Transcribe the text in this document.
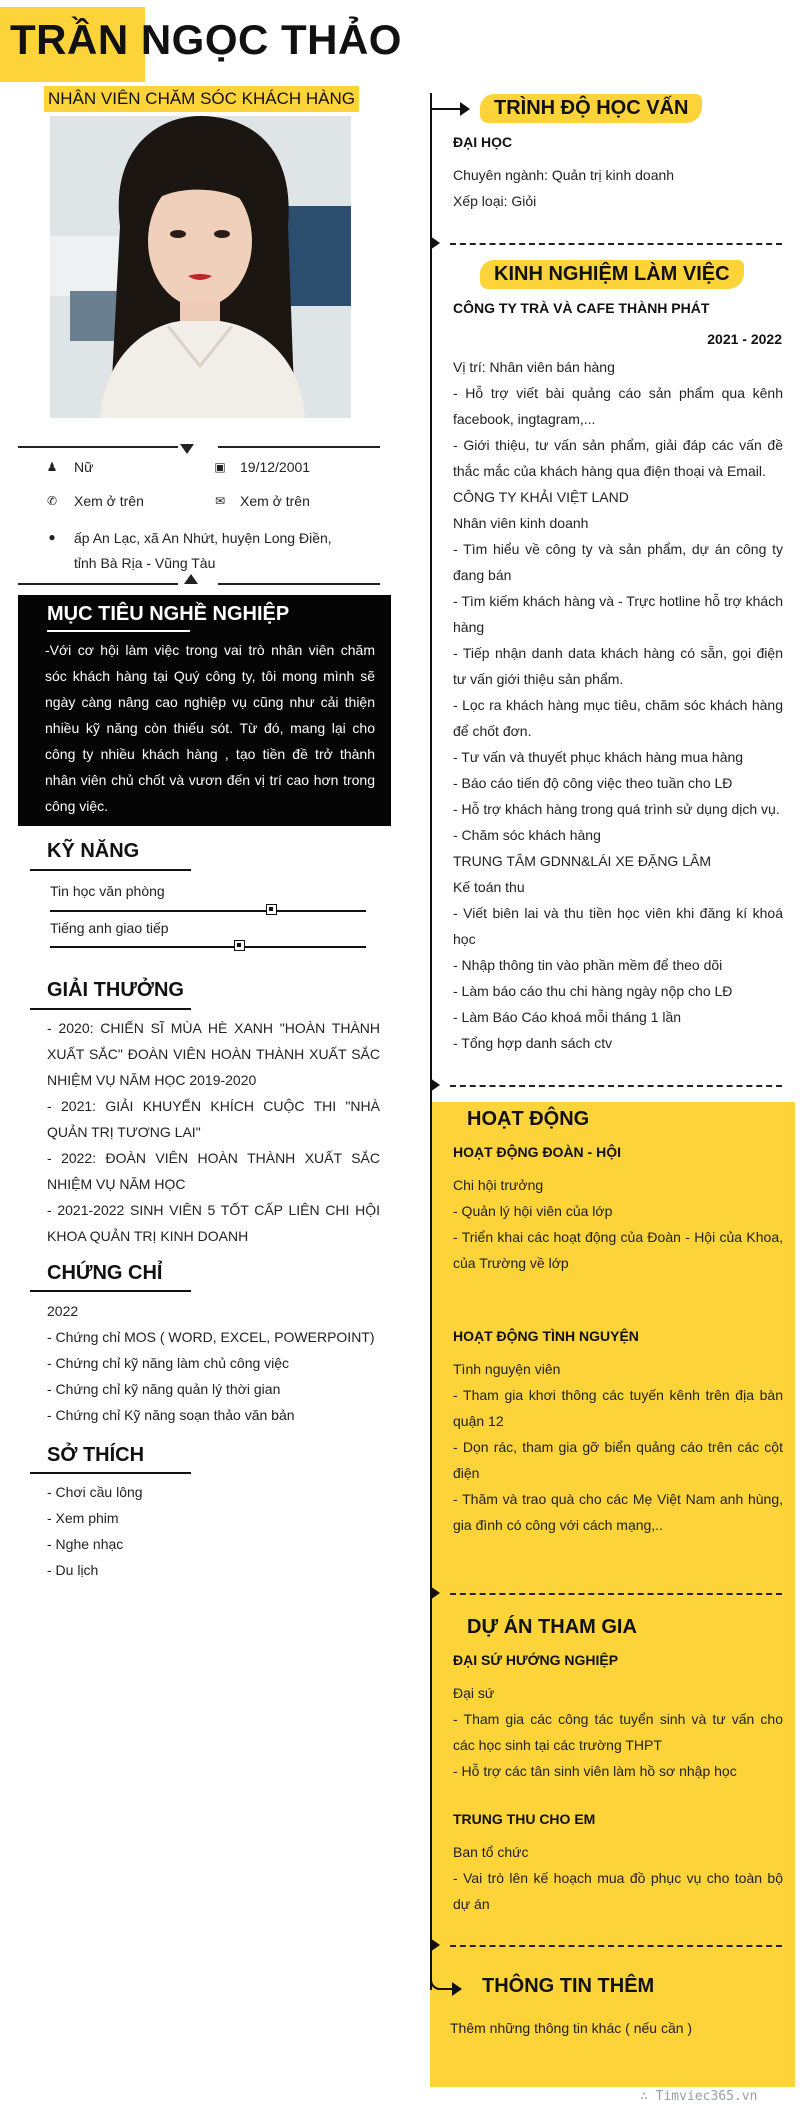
TRẦN NGỌC THẢO
NHÂN VIÊN CHĂM SÓC KHÁCH HÀNG
♟ Nữ	▣ 19/12/2001
✆ Xem ở trên	✉ Xem ở trên
● ấp An Lạc, xã An Nhứt, huyện Long Điền,
tỉnh Bà Rịa - Vũng Tàu
MỤC TIÊU NGHỀ NGHIỆP
-Với cơ hội làm việc trong vai trò nhân viên chăm sóc khách hàng tại Quý công ty, tôi mong mình sẽ ngày càng nâng cao nghiệp vụ cũng như cải thiện nhiều kỹ năng còn thiếu sót. Từ đó, mang lại cho công ty nhiều khách hàng , tạo tiền đề trở thành nhân viên chủ chốt và vươn đến vị trí cao hơn trong công việc.
KỸ NĂNG
Tin học văn phòng
Tiếng anh giao tiếp
GIẢI THƯỞNG
- 2020: CHIẾN SĨ MÙA HÈ XANH "HOÀN THÀNH XUẤT SẮC" ĐOÀN VIÊN HOÀN THÀNH XUẤT SẮC NHIỆM VỤ NĂM HỌC 2019-2020
- 2021: GIẢI KHUYẾN KHÍCH CUỘC THI "NHÀ QUẢN TRỊ TƯƠNG LAI"
- 2022: ĐOÀN VIÊN HOÀN THÀNH XUẤT SẮC NHIỆM VỤ NĂM HỌC
- 2021-2022 SINH VIÊN 5 TỐT CẤP LIÊN CHI HỘI KHOA QUẢN TRỊ KINH DOANH
CHỨNG CHỈ
2022
- Chứng chỉ MOS ( WORD, EXCEL, POWERPOINT)
- Chứng chỉ kỹ năng làm chủ công việc
- Chứng chỉ kỹ năng quản lý thời gian
- Chứng chỉ Kỹ năng soạn thảo văn bản
SỞ THÍCH
- Chơi cầu lông
- Xem phim
- Nghe nhạc
- Du lịch
TRÌNH ĐỘ HỌC VẤN
ĐẠI HỌC
Chuyên ngành: Quản trị kinh doanh
Xếp loại: Giỏi
KINH NGHIỆM LÀM VIỆC
CÔNG TY TRÀ VÀ CAFE THÀNH PHÁT
2021 - 2022
Vị trí: Nhân viên bán hàng
- Hỗ trợ viết bài quảng cáo sản phẩm qua kênh facebook, ingtagram,...
- Giới thiệu, tư vấn sản phẩm, giải đáp các vấn đề thắc mắc của khách hàng qua điện thoại và Email.
CÔNG TY KHẢI VIỆT LAND
Nhân viên kinh doanh
- Tìm hiểu về công ty và sản phẩm, dự án công ty đang bán
- Tìm kiếm khách hàng và - Trực hotline hỗ trợ khách hàng
- Tiếp nhận danh data khách hàng có sẵn, gọi điện tư vấn giới thiệu sản phẩm.
- Lọc ra khách hàng mục tiêu, chăm sóc khách hàng để chốt đơn.
- Tư vấn và thuyết phục khách hàng mua hàng
- Báo cáo tiến độ công việc theo tuần cho LĐ
- Hỗ trợ khách hàng trong quá trình sử dụng dịch vụ.
- Chăm sóc khách hàng
TRUNG TÂM GDNN&LÁI XE ĐẶNG LÂM
Kế toán thu
- Viết biên lai và thu tiền học viên khi đăng kí khoá học
- Nhập thông tin vào phần mềm để theo dõi
- Làm báo cáo thu chi hàng ngày nộp cho LĐ
- Làm Báo Cáo khoá mỗi tháng 1 lần
- Tổng hợp danh sách ctv
HOẠT ĐỘNG
HOẠT ĐỘNG ĐOÀN - HỘI
Chi hội trưởng
- Quản lý hội viên của lớp
- Triển khai các hoạt động của Đoàn - Hội của Khoa, của Trường về lớp
HOẠT ĐỘNG TÌNH NGUYỆN
Tình nguyện viên
- Tham gia khơi thông các tuyến kênh trên địa bàn quận 12
- Dọn rác, tham gia gỡ biển quảng cáo trên các cột điện
- Thăm và trao quà cho các Mẹ Việt Nam anh hùng, gia đình có công với cách mạng,..
DỰ ÁN THAM GIA
ĐẠI SỨ HƯỚNG NGHIỆP
Đại sứ
- Tham gia các công tác tuyển sinh và tư vấn cho các học sinh tại các trường THPT
- Hỗ trợ các tân sinh viên làm hồ sơ nhập học
TRUNG THU CHO EM
Ban tổ chức
- Vai trò lên kế hoạch mua đồ phục vụ cho toàn bộ dự án
THÔNG TIN THÊM
Thêm những thông tin khác ( nếu cần )
∴ Timviec365.vn
